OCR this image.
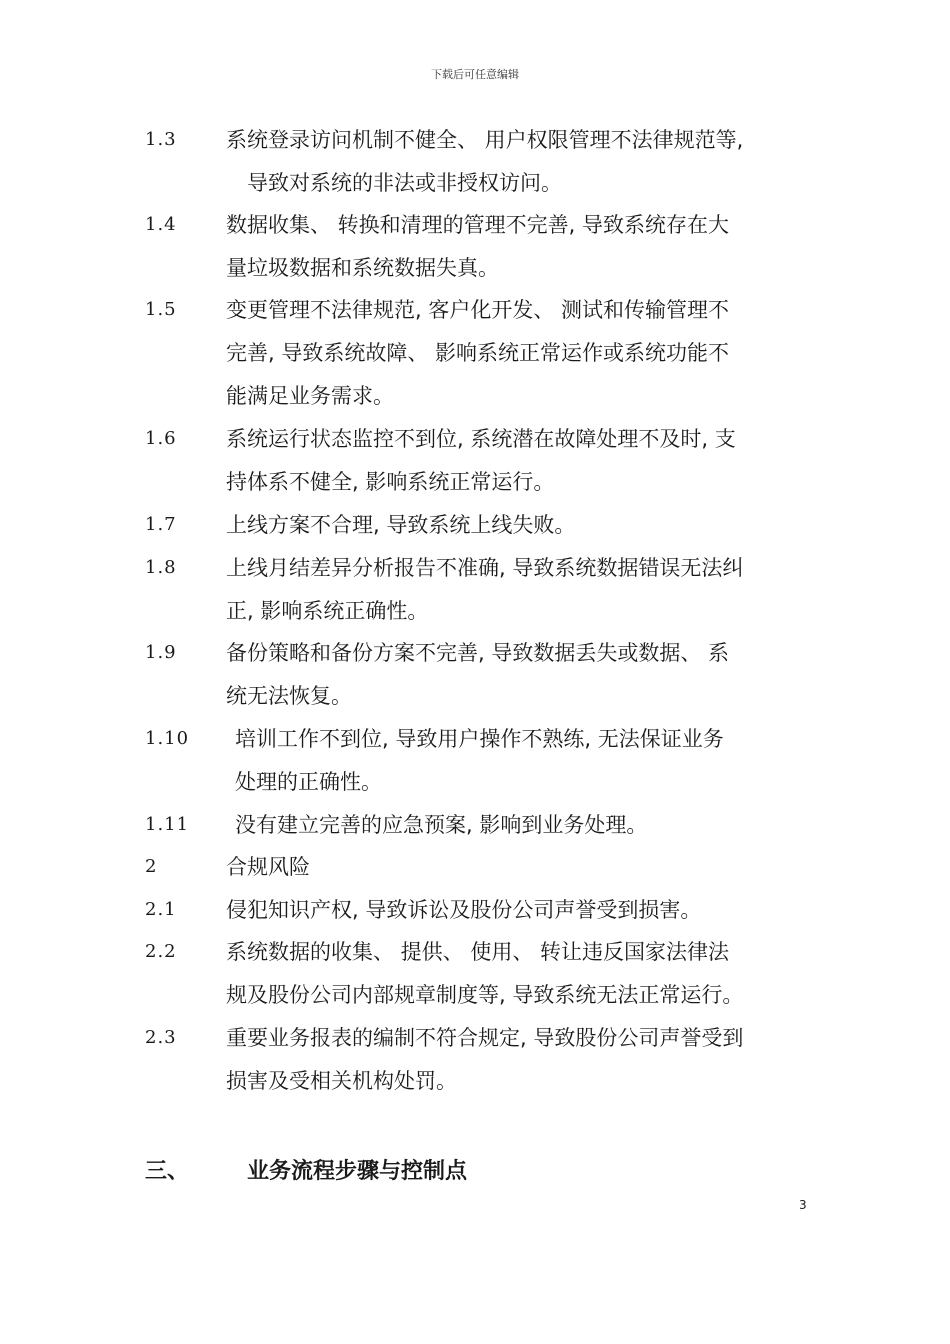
下载后可任意编辑
1.3 系统登录访问机制不健全、 用户权限管理不法律规范等,
导致对系统的非法或非授权访问。
1.4 数据收集、 转换和清理的管理不完善, 导致系统存在大
量垃圾数据和系统数据失真。
1.5 变更管理不法律规范, 客户化开发、 测试和传输管理不
完善, 导致系统故障、 影响系统正常运作或系统功能不
能满足业务需求。
1.6 系统运行状态监控不到位, 系统潜在故障处理不及时, 支
持体系不健全, 影响系统正常运行。
1.7 上线方案不合理, 导致系统上线失败。
1.8 上线月结差异分析报告不准确, 导致系统数据错误无法纠
正, 影响系统正确性。
1.9 备份策略和备份方案不完善, 导致数据丢失或数据、 系
统无法恢复。
1.10 培训工作不到位, 导致用户操作不熟练, 无法保证业务
处理的正确性。
1.11 没有建立完善的应急预案, 影响到业务处理。
2	合规风险
2.1 侵犯知识产权, 导致诉讼及股份公司声誉受到损害。
2.2 系统数据的收集、 提供、 使用、 转让违反国家法律法
规及股份公司内部规章制度等, 导致系统无法正常运行。
2.3 重要业务报表的编制不符合规定, 导致股份公司声誉受到
损害及受相关机构处罚。
三、	业务流程步骤与控制点
3
